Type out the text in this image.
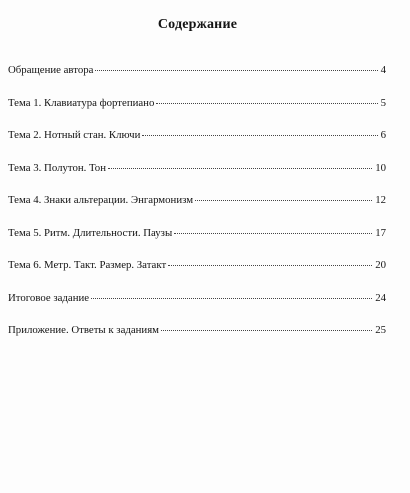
Содержание
Обращение автора	4
Тема 1. Клавиатура фортепиано	5
Тема 2. Нотный стан. Ключи	6
Тема 3. Полутон. Тон	10
Тема 4. Знаки альтерации. Энгармонизм	12
Тема 5. Ритм. Длительности. Паузы	17
Тема 6. Метр. Такт. Размер. Затакт	20
Итоговое задание	24
Приложение. Ответы к заданиям	25
